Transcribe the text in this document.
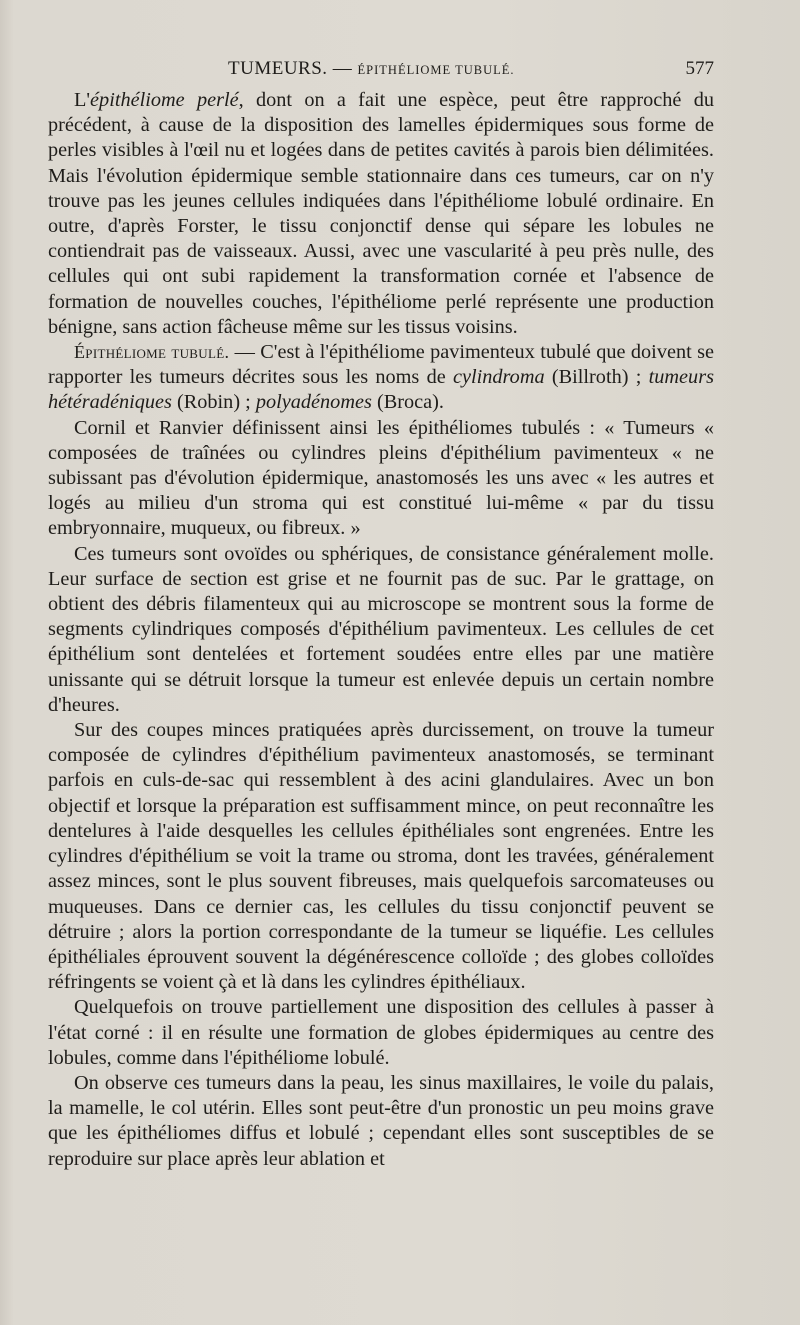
TUMEURS. — ÉPITHÉLIOME TUBULÉ.	577

L'épithéliome perlé, dont on a fait une espèce, peut être rapproché du précédent, à cause de la disposition des lamelles épidermiques sous forme de perles visibles à l'œil nu et logées dans de petites cavités à parois bien délimitées. Mais l'évolution épidermique semble stationnaire dans ces tumeurs, car on n'y trouve pas les jeunes cellules indiquées dans l'épithéliome lobulé ordinaire. En outre, d'après Forster, le tissu conjonctif dense qui sépare les lobules ne contiendrait pas de vaisseaux. Aussi, avec une vascularité à peu près nulle, des cellules qui ont subi rapidement la transformation cornée et l'absence de formation de nouvelles couches, l'épithéliome perlé représente une production bénigne, sans action fâcheuse même sur les tissus voisins.

Épithéliome tubulé. — C'est à l'épithéliome pavimenteux tubulé que doivent se rapporter les tumeurs décrites sous les noms de cylindroma (Billroth) ; tumeurs hétéradéniques (Robin) ; polyadénomes (Broca).

Cornil et Ranvier définissent ainsi les épithéliomes tubulés : « Tumeurs « composées de traînées ou cylindres pleins d'épithélium pavimenteux « ne subissant pas d'évolution épidermique, anastomosés les uns avec « les autres et logés au milieu d'un stroma qui est constitué lui-même « par du tissu embryonnaire, muqueux, ou fibreux. »

Ces tumeurs sont ovoïdes ou sphériques, de consistance généralement molle. Leur surface de section est grise et ne fournit pas de suc. Par le grattage, on obtient des débris filamenteux qui au microscope se montrent sous la forme de segments cylindriques composés d'épithélium pavimenteux. Les cellules de cet épithélium sont dentelées et fortement soudées entre elles par une matière unissante qui se détruit lorsque la tumeur est enlevée depuis un certain nombre d'heures.

Sur des coupes minces pratiquées après durcissement, on trouve la tumeur composée de cylindres d'épithélium pavimenteux anastomosés, se terminant parfois en culs-de-sac qui ressemblent à des acini glandulaires. Avec un bon objectif et lorsque la préparation est suffisamment mince, on peut reconnaître les dentelures à l'aide desquelles les cellules épithéliales sont engrenées. Entre les cylindres d'épithélium se voit la trame ou stroma, dont les travées, généralement assez minces, sont le plus souvent fibreuses, mais quelquefois sarcomateuses ou muqueuses. Dans ce dernier cas, les cellules du tissu conjonctif peuvent se détruire ; alors la portion correspondante de la tumeur se liquéfie. Les cellules épithéliales éprouvent souvent la dégénérescence colloïde ; des globes colloïdes réfringents se voient çà et là dans les cylindres épithéliaux.

Quelquefois on trouve partiellement une disposition des cellules à passer à l'état corné : il en résulte une formation de globes épidermiques au centre des lobules, comme dans l'épithéliome lobulé.

On observe ces tumeurs dans la peau, les sinus maxillaires, le voile du palais, la mamelle, le col utérin. Elles sont peut-être d'un pronostic un peu moins grave que les épithéliomes diffus et lobulé ; cependant elles sont susceptibles de se reproduire sur place après leur ablation et
